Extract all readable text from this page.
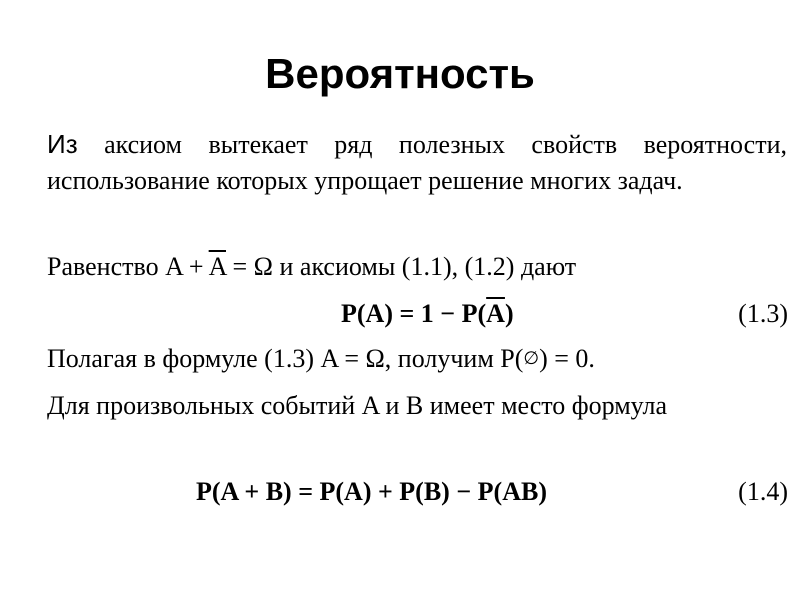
Вероятность
Из аксиом вытекает ряд полезных свойств вероятности, использование которых упрощает решение многих задач.
Равенство $A + \overline{A} = \Omega$ и аксиомы (1.1), (1.2) дают
$P(A) = 1 - P(\overline{A})$	(1.3)
Полагая в формуле (1.3) A = Ω, получим P(∅) = 0.
Для произвольных событий A и B имеет место формула
P(A + B) = P(A) + P(B) − P(AB)	(1.4)
